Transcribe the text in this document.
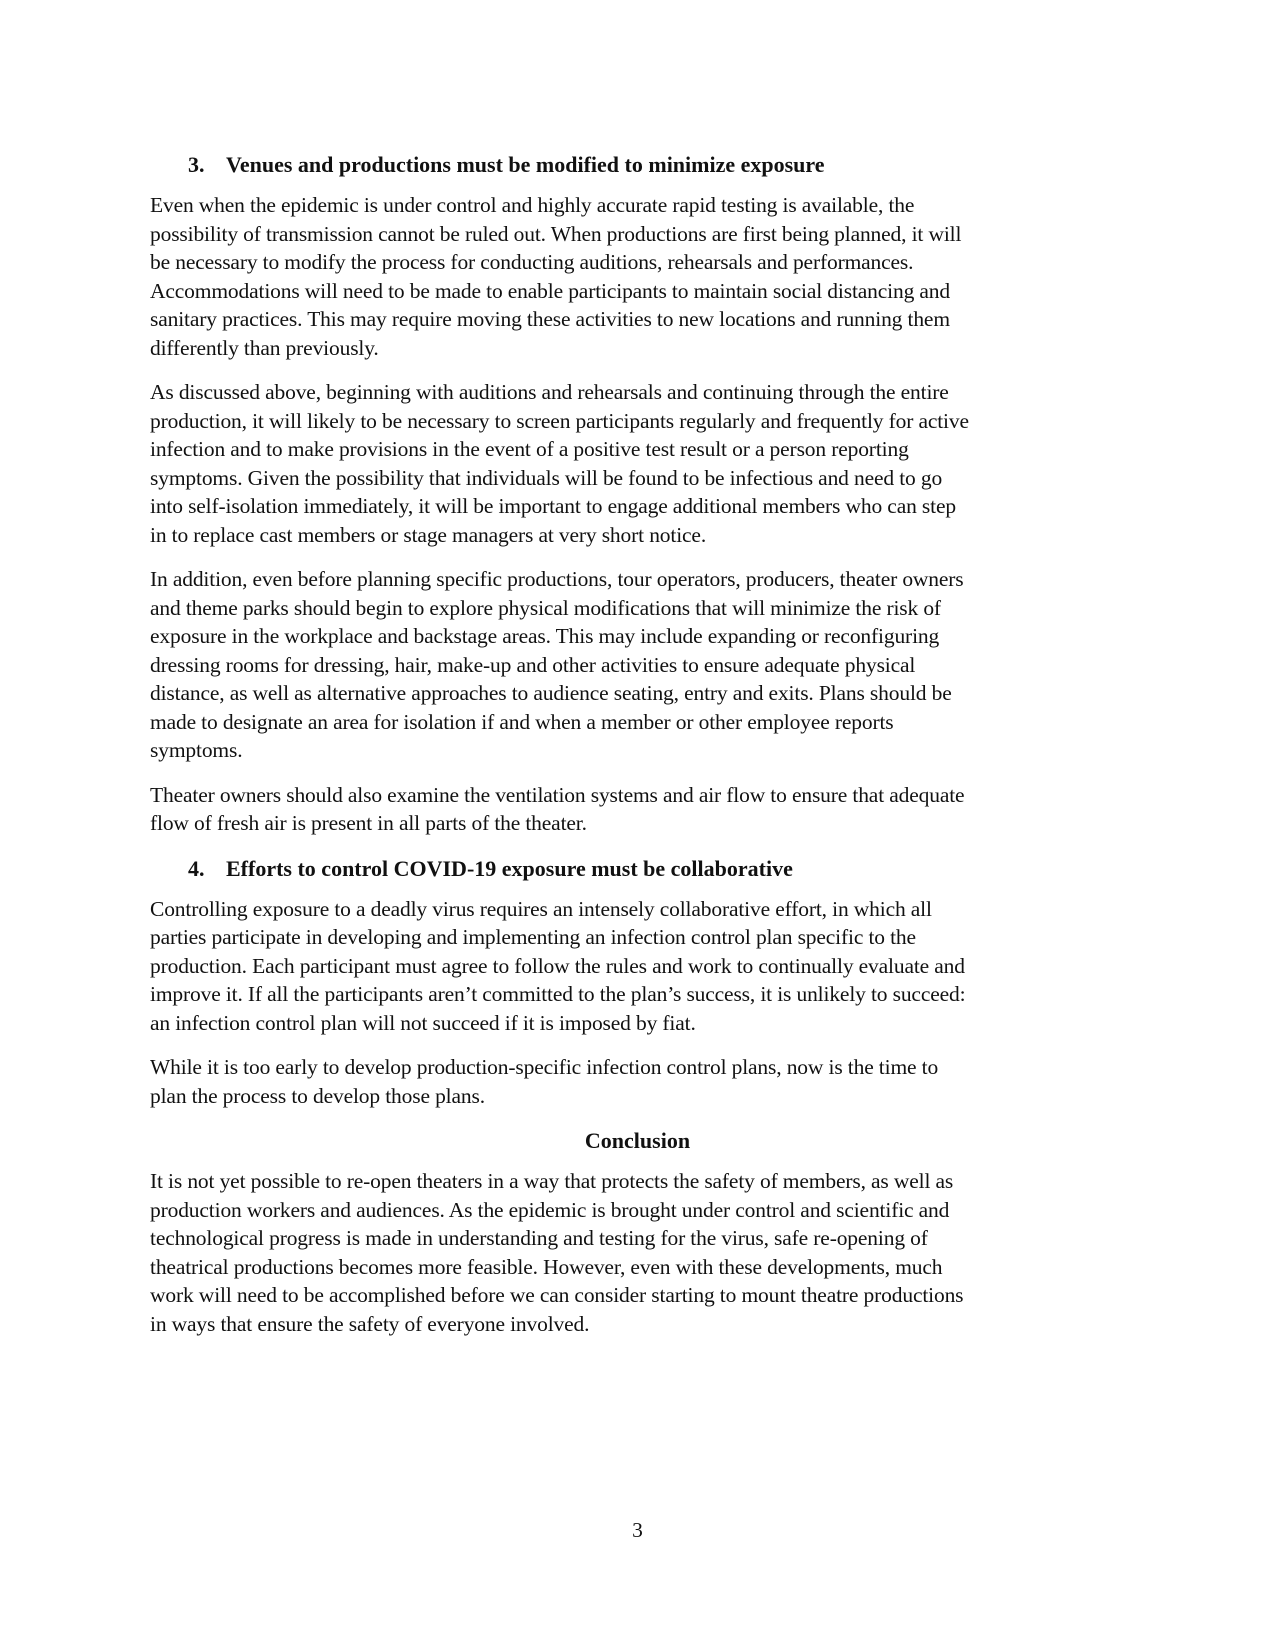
3. Venues and productions must be modified to minimize exposure
Even when the epidemic is under control and highly accurate rapid testing is available, the
possibility of transmission cannot be ruled out. When productions are first being planned, it will
be necessary to modify the process for conducting auditions, rehearsals and performances.
Accommodations will need to be made to enable participants to maintain social distancing and
sanitary practices. This may require moving these activities to new locations and running them
differently than previously.
As discussed above, beginning with auditions and rehearsals and continuing through the entire
production, it will likely to be necessary to screen participants regularly and frequently for active
infection and to make provisions in the event of a positive test result or a person reporting
symptoms. Given the possibility that individuals will be found to be infectious and need to go
into self-isolation immediately, it will be important to engage additional members who can step
in to replace cast members or stage managers at very short notice.
In addition, even before planning specific productions, tour operators, producers, theater owners
and theme parks should begin to explore physical modifications that will minimize the risk of
exposure in the workplace and backstage areas. This may include expanding or reconfiguring
dressing rooms for dressing, hair, make-up and other activities to ensure adequate physical
distance, as well as alternative approaches to audience seating, entry and exits. Plans should be
made to designate an area for isolation if and when a member or other employee reports
symptoms.
Theater owners should also examine the ventilation systems and air flow to ensure that adequate
flow of fresh air is present in all parts of the theater.
4. Efforts to control COVID-19 exposure must be collaborative
Controlling exposure to a deadly virus requires an intensely collaborative effort, in which all
parties participate in developing and implementing an infection control plan specific to the
production. Each participant must agree to follow the rules and work to continually evaluate and
improve it. If all the participants aren’t committed to the plan’s success, it is unlikely to succeed:
an infection control plan will not succeed if it is imposed by fiat.
While it is too early to develop production-specific infection control plans, now is the time to
plan the process to develop those plans.
Conclusion
It is not yet possible to re-open theaters in a way that protects the safety of members, as well as
production workers and audiences. As the epidemic is brought under control and scientific and
technological progress is made in understanding and testing for the virus, safe re-opening of
theatrical productions becomes more feasible. However, even with these developments, much
work will need to be accomplished before we can consider starting to mount theatre productions
in ways that ensure the safety of everyone involved.
3
